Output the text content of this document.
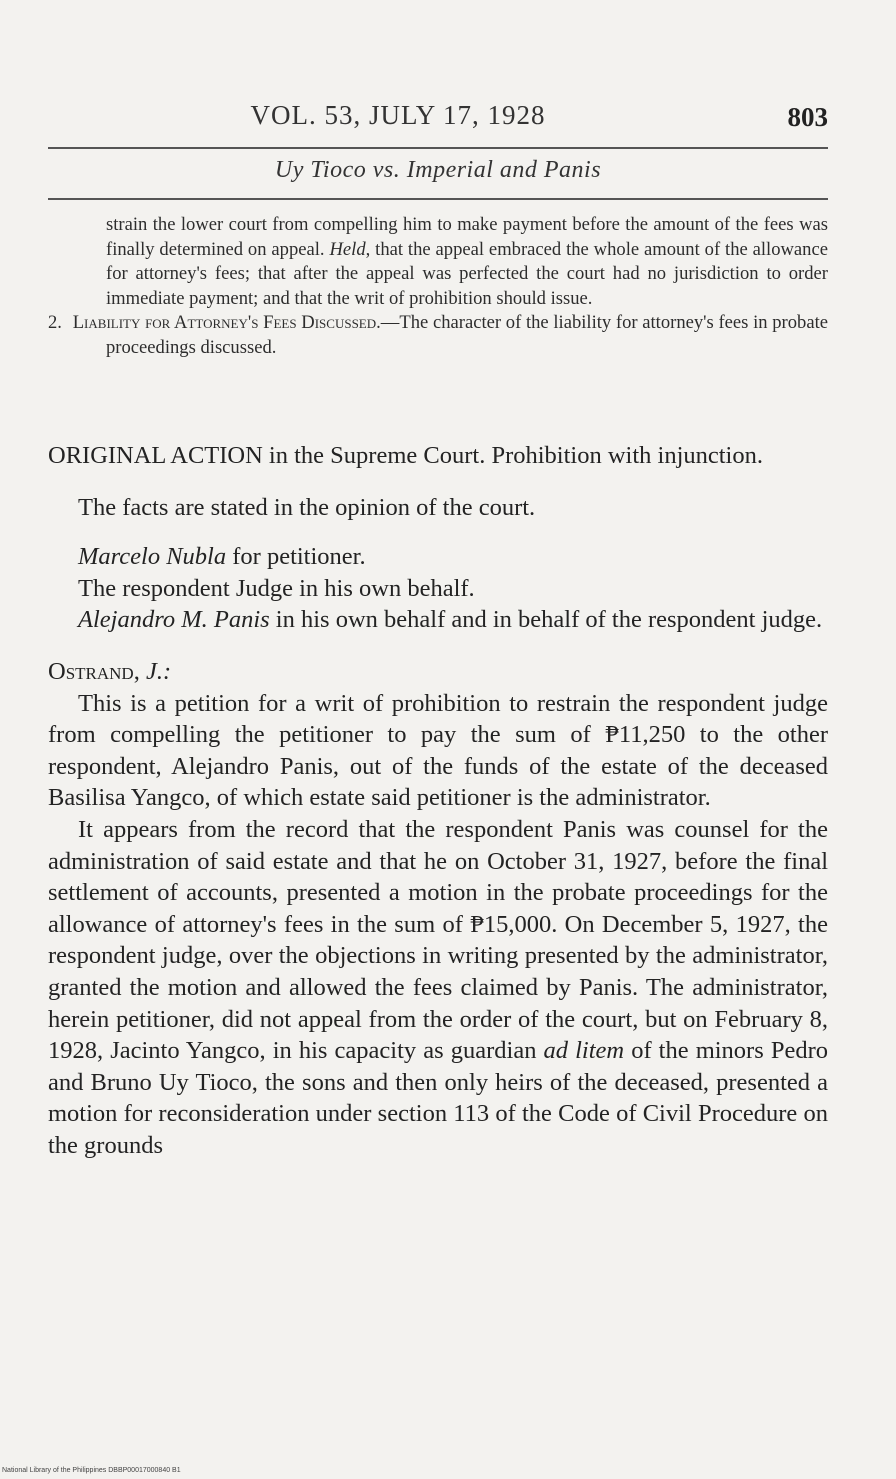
VOL. 53, JULY 17, 1928	803
Uy Tioco vs. Imperial and Panis

strain the lower court from compelling him to make payment before the amount of the fees was finally determined on appeal. Held, that the appeal embraced the whole amount of the allowance for attorney's fees; that after the appeal was perfected the court had no jurisdiction to order immediate payment; and that the writ of prohibition should issue.

2. Liability for Attorney's Fees Discussed.—The character of the liability for attorney's fees in probate proceedings discussed.

ORIGINAL ACTION in the Supreme Court. Prohibition with injunction.

The facts are stated in the opinion of the court.

Marcelo Nubla for petitioner.

The respondent Judge in his own behalf.

Alejandro M. Panis in his own behalf and in behalf of the respondent judge.

Ostrand, J.:

This is a petition for a writ of prohibition to restrain the respondent judge from compelling the petitioner to pay the sum of ₱11,250 to the other respondent, Alejandro Panis, out of the funds of the estate of the deceased Basilisa Yangco, of which estate said petitioner is the administrator.

It appears from the record that the respondent Panis was counsel for the administration of said estate and that he on October 31, 1927, before the final settlement of accounts, presented a motion in the probate proceedings for the allowance of attorney's fees in the sum of ₱15,000. On December 5, 1927, the respondent judge, over the objections in writing presented by the administrator, granted the motion and allowed the fees claimed by Panis. The administrator, herein petitioner, did not appeal from the order of the court, but on February 8, 1928, Jacinto Yangco, in his capacity as guardian ad litem of the minors Pedro and Bruno Uy Tioco, the sons and then only heirs of the deceased, presented a motion for reconsideration under section 113 of the Code of Civil Procedure on the grounds

National Library of the Philippines DBBP00017000840 B1
